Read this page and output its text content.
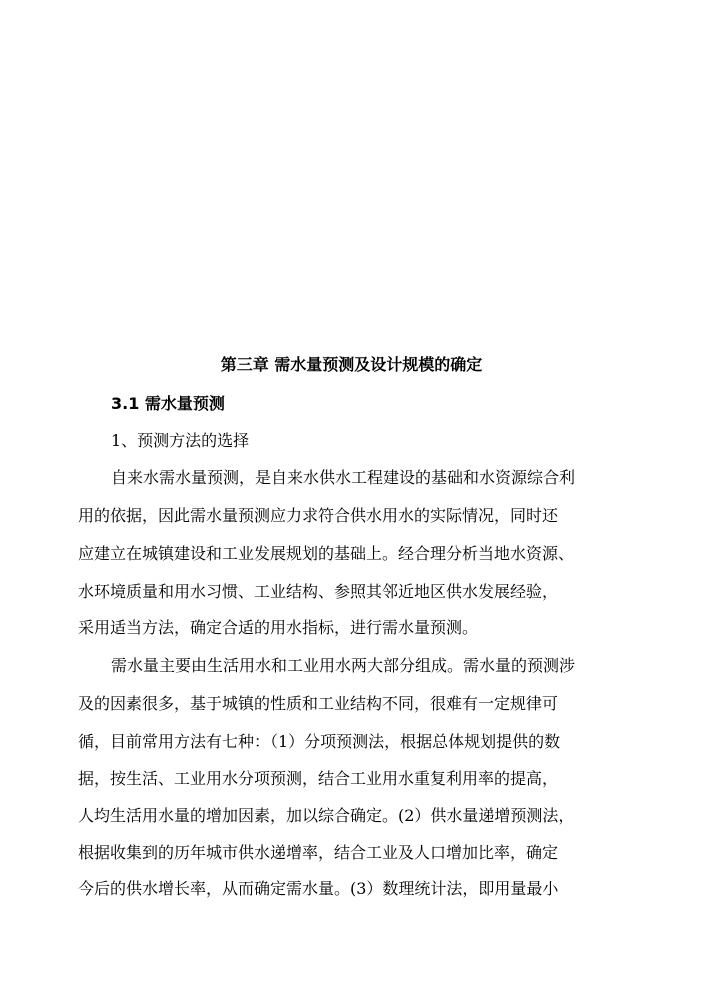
第三章 需水量预测及设计规模的确定
3.1 需水量预测
1、预测方法的选择
自来水需水量预测，是自来水供水工程建设的基础和水资源综合利
用的依据，因此需水量预测应力求符合供水用水的实际情况，同时还
应建立在城镇建设和工业发展规划的基础上。经合理分析当地水资源、
水环境质量和用水习惯、工业结构、参照其邻近地区供水发展经验，
采用适当方法，确定合适的用水指标，进行需水量预测。
需水量主要由生活用水和工业用水两大部分组成。需水量的预测涉
及的因素很多，基于城镇的性质和工业结构不同，很难有一定规律可
循，目前常用方法有七种：（1）分项预测法，根据总体规划提供的数
据，按生活、工业用水分项预测，结合工业用水重复利用率的提高，
人均生活用水量的增加因素，加以综合确定。(2）供水量递增预测法，
根据收集到的历年城市供水递增率，结合工业及人口增加比率，确定
今后的供水增长率，从而确定需水量。(3）数理统计法，即用量最小
